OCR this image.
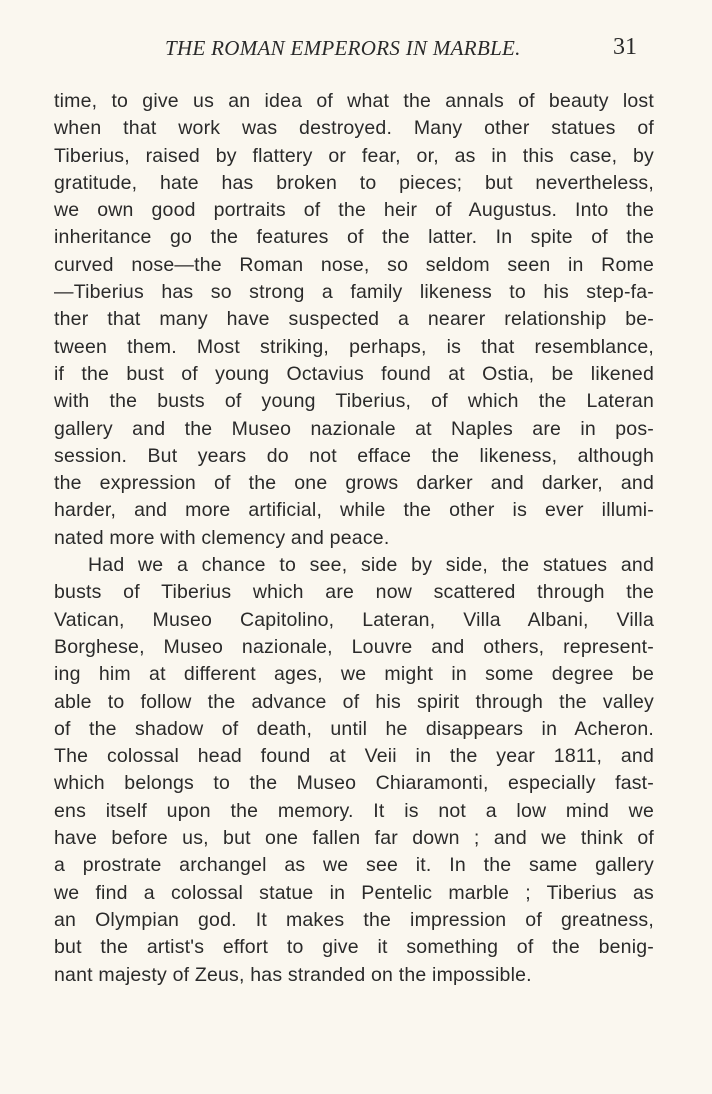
THE ROMAN EMPERORS IN MARBLE.	31
time, to give us an idea of what the annals of beauty lost
when that work was destroyed. Many other statues of
Tiberius, raised by flattery or fear, or, as in this case, by
gratitude, hate has broken to pieces; but nevertheless,
we own good portraits of the heir of Augustus. Into the
inheritance go the features of the latter. In spite of the
curved nose—the Roman nose, so seldom seen in Rome
—Tiberius has so strong a family likeness to his step-fa-
ther that many have suspected a nearer relationship be-
tween them. Most striking, perhaps, is that resemblance,
if the bust of young Octavius found at Ostia, be likened
with the busts of young Tiberius, of which the Lateran
gallery and the Museo nazionale at Naples are in pos-
session. But years do not efface the likeness, although
the expression of the one grows darker and darker, and
harder, and more artificial, while the other is ever illumi-
nated more with clemency and peace.
Had we a chance to see, side by side, the statues and
busts of Tiberius which are now scattered through the
Vatican, Museo Capitolino, Lateran, Villa Albani, Villa
Borghese, Museo nazionale, Louvre and others, represent-
ing him at different ages, we might in some degree be
able to follow the advance of his spirit through the valley
of the shadow of death, until he disappears in Acheron.
The colossal head found at Veii in the year 1811, and
which belongs to the Museo Chiaramonti, especially fast-
ens itself upon the memory. It is not a low mind we
have before us, but one fallen far down ; and we think of
a prostrate archangel as we see it. In the same gallery
we find a colossal statue in Pentelic marble ; Tiberius as
an Olympian god. It makes the impression of greatness,
but the artist's effort to give it something of the benig-
nant majesty of Zeus, has stranded on the impossible.
